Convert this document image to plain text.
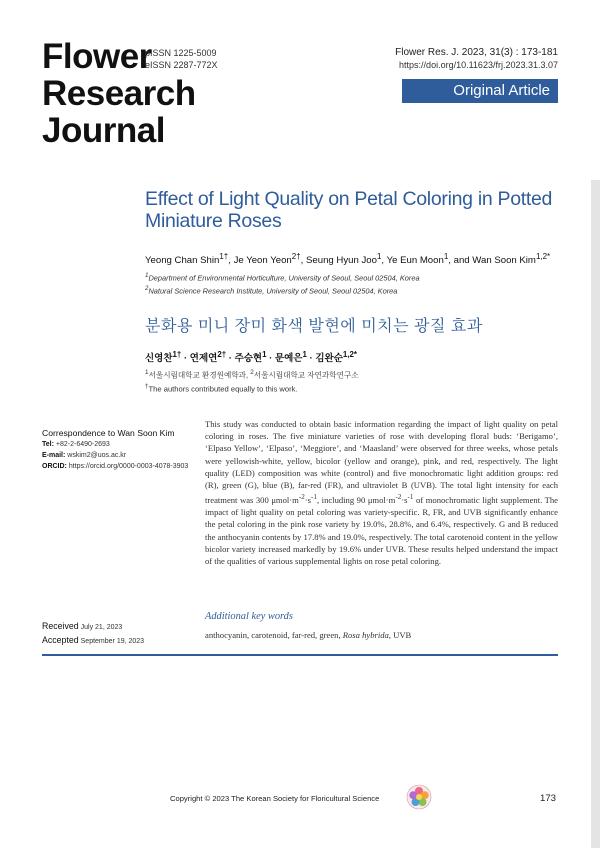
Flower
Research
Journal
pISSN 1225-5009
eISSN 2287-772X
Flower Res. J. 2023, 31(3) : 173-181
https://doi.org/10.11623/frj.2023.31.3.07
Original Article
Effect of Light Quality on Petal Coloring in Potted Miniature Roses
Yeong Chan Shin$^{1\dagger}$, Je Yeon Yeon$^{2\dagger}$, Seung Hyun Joo$^1$, Ye Eun Moon$^1$, and Wan Soon Kim$^{1,2*}$
$^1$Department of Environmental Horticulture, University of Seoul, Seoul 02504, Korea
$^2$Natural Science Research Institute, University of Seoul, Seoul 02504, Korea
분화용 미니 장미 화색 발현에 미치는 광질 효과
신영찬$^{1\dagger}$ · 연제연$^{2\dagger}$ · 주승현$^1$ · 문예은$^1$ · 김완순$^{1,2*}$
$^1$서울시립대학교 환경원예학과, $^2$서울시립대학교 자연과학연구소
†The authors contributed equally to this work.
Correspondence to Wan Soon Kim
Tel: +82-2-6490-2693
E-mail: wskim2@uos.ac.kr
ORCID: https://orcid.org/0000-0003-4078-3903
This study was conducted to obtain basic information regarding the impact of light quality on petal coloring in roses. The five miniature varieties of rose with developing floral buds: ‘Berigamo’, ‘Elpaso Yellow’, ‘Elpaso’, ‘Meggiore’, and ‘Maasland’ were observed for three weeks, whose petals were yellowish-white, yellow, bicolor (yellow and orange), pink, and red, respectively. The light quality (LED) composition was white (control) and five monochromatic light addition groups: red (R), green (G), blue (B), far-red (FR), and ultraviolet B (UVB). The total light intensity for each treatment was 300 $\mu mol\cdot m^{-2}\cdot s^{-1}$, including 90 $\mu mol\cdot m^{-2}\cdot s^{-1}$ of monochromatic light supplement. The impact of light quality on petal coloring was variety-specific. R, FR, and UVB significantly enhance the petal coloring in the pink rose variety by 19.0%, 28.8%, and 6.4%, respectively. G and B reduced the anthocyanin contents by 17.8% and 19.0%, respectively. The total carotenoid content in the yellow bicolor variety increased markedly by 19.6% under UVB. These results helped understand the impact of the qualities of various supplemental lights on rose petal coloring.
Additional key words
anthocyanin, carotenoid, far-red, green, Rosa hybrida, UVB
Received July 21, 2023
Accepted September 19, 2023
Copyright © 2023 The Korean Society for Floricultural Science	173
